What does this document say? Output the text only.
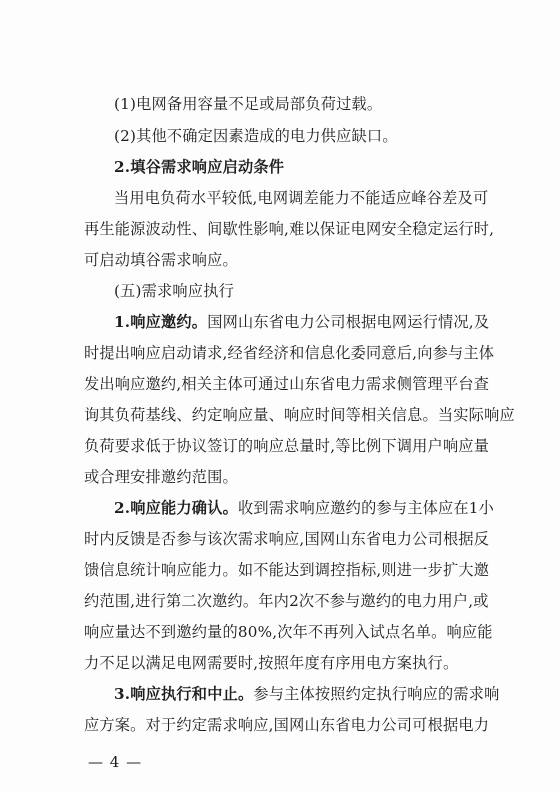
(1)电网备用容量不足或局部负荷过载。
(2)其他不确定因素造成的电力供应缺口。
2.填谷需求响应启动条件
当用电负荷水平较低,电网调差能力不能适应峰谷差及可
再生能源波动性、间歇性影响,难以保证电网安全稳定运行时,
可启动填谷需求响应。
(五)需求响应执行
1.响应邀约。国网山东省电力公司根据电网运行情况,及
时提出响应启动请求,经省经济和信息化委同意后,向参与主体
发出响应邀约,相关主体可通过山东省电力需求侧管理平台查
询其负荷基线、约定响应量、响应时间等相关信息。当实际响应
负荷要求低于协议签订的响应总量时,等比例下调用户响应量
或合理安排邀约范围。
2.响应能力确认。收到需求响应邀约的参与主体应在1小
时内反馈是否参与该次需求响应,国网山东省电力公司根据反
馈信息统计响应能力。如不能达到调控指标,则进一步扩大邀
约范围,进行第二次邀约。年内2次不参与邀约的电力用户,或
响应量达不到邀约量的80%,次年不再列入试点名单。响应能
力不足以满足电网需要时,按照年度有序用电方案执行。
3.响应执行和中止。参与主体按照约定执行响应的需求响
应方案。对于约定需求响应,国网山东省电力公司可根据电力
— 4 —
